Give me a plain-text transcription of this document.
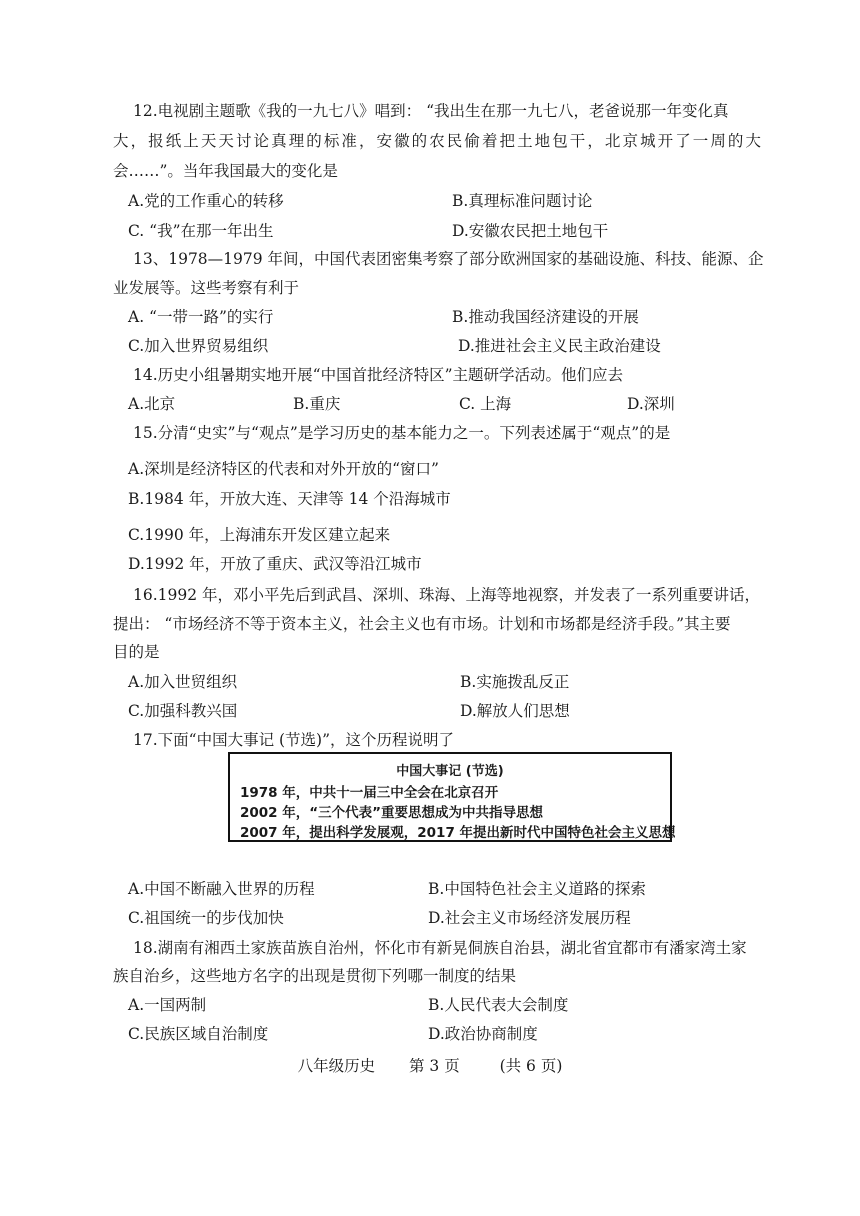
12.电视剧主题歌《我的一九七八》唱到： “我出生在那一九七八，老爸说那一年变化真
大，报纸上天天讨论真理的标准，安徽的农民偷着把土地包干，北京城开了一周的大
会……”。当年我国最大的变化是
A.党的工作重心的转移	B.真理标准问题讨论
C. “我”在那一年出生	D.安徽农民把土地包干
13、1978—1979 年间，中国代表团密集考察了部分欧洲国家的基础设施、科技、能源、企
业发展等。这些考察有利于
A. “一带一路”的实行	B.推动我国经济建设的开展
C.加入世界贸易组织	D.推进社会主义民主政治建设
14.历史小组暑期实地开展“中国首批经济特区”主题研学活动。他们应去
A.北京	B.重庆	C. 上海	D.深圳
15.分清“史实”与“观点”是学习历史的基本能力之一。下列表述属于“观点”的是
A.深圳是经济特区的代表和对外开放的“窗口”
B.1984 年，开放大连、天津等 14 个沿海城市
C.1990 年，上海浦东开发区建立起来
D.1992 年，开放了重庆、武汉等沿江城市
16.1992 年，邓小平先后到武昌、深圳、珠海、上海等地视察，并发表了一系列重要讲话，
提出： “市场经济不等于资本主义，社会主义也有市场。计划和市场都是经济手段。”其主要
目的是
A.加入世贸组织	B.实施拨乱反正
C.加强科教兴国	D.解放人们思想
17.下面“中国大事记 (节选)”，这个历程说明了
中国大事记 (节选)
1978 年，中共十一届三中全会在北京召开
2002 年，“三个代表”重要思想成为中共指导思想
2007 年，提出科学发展观，2017 年提出新时代中国特色社会主义思想
A.中国不断融入世界的历程	B.中国特色社会主义道路的探索
C.祖国统一的步伐加快	D.社会主义市场经济发展历程
18.湖南有湘西土家族苗族自治州，怀化市有新晃侗族自治县，湖北省宜都市有潘家湾土家
族自治乡，这些地方名字的出现是贯彻下列哪一制度的结果
A.一国两制	B.人民代表大会制度
C.民族区域自治制度	D.政治协商制度
八年级历史 第 3 页	(共 6 页)
